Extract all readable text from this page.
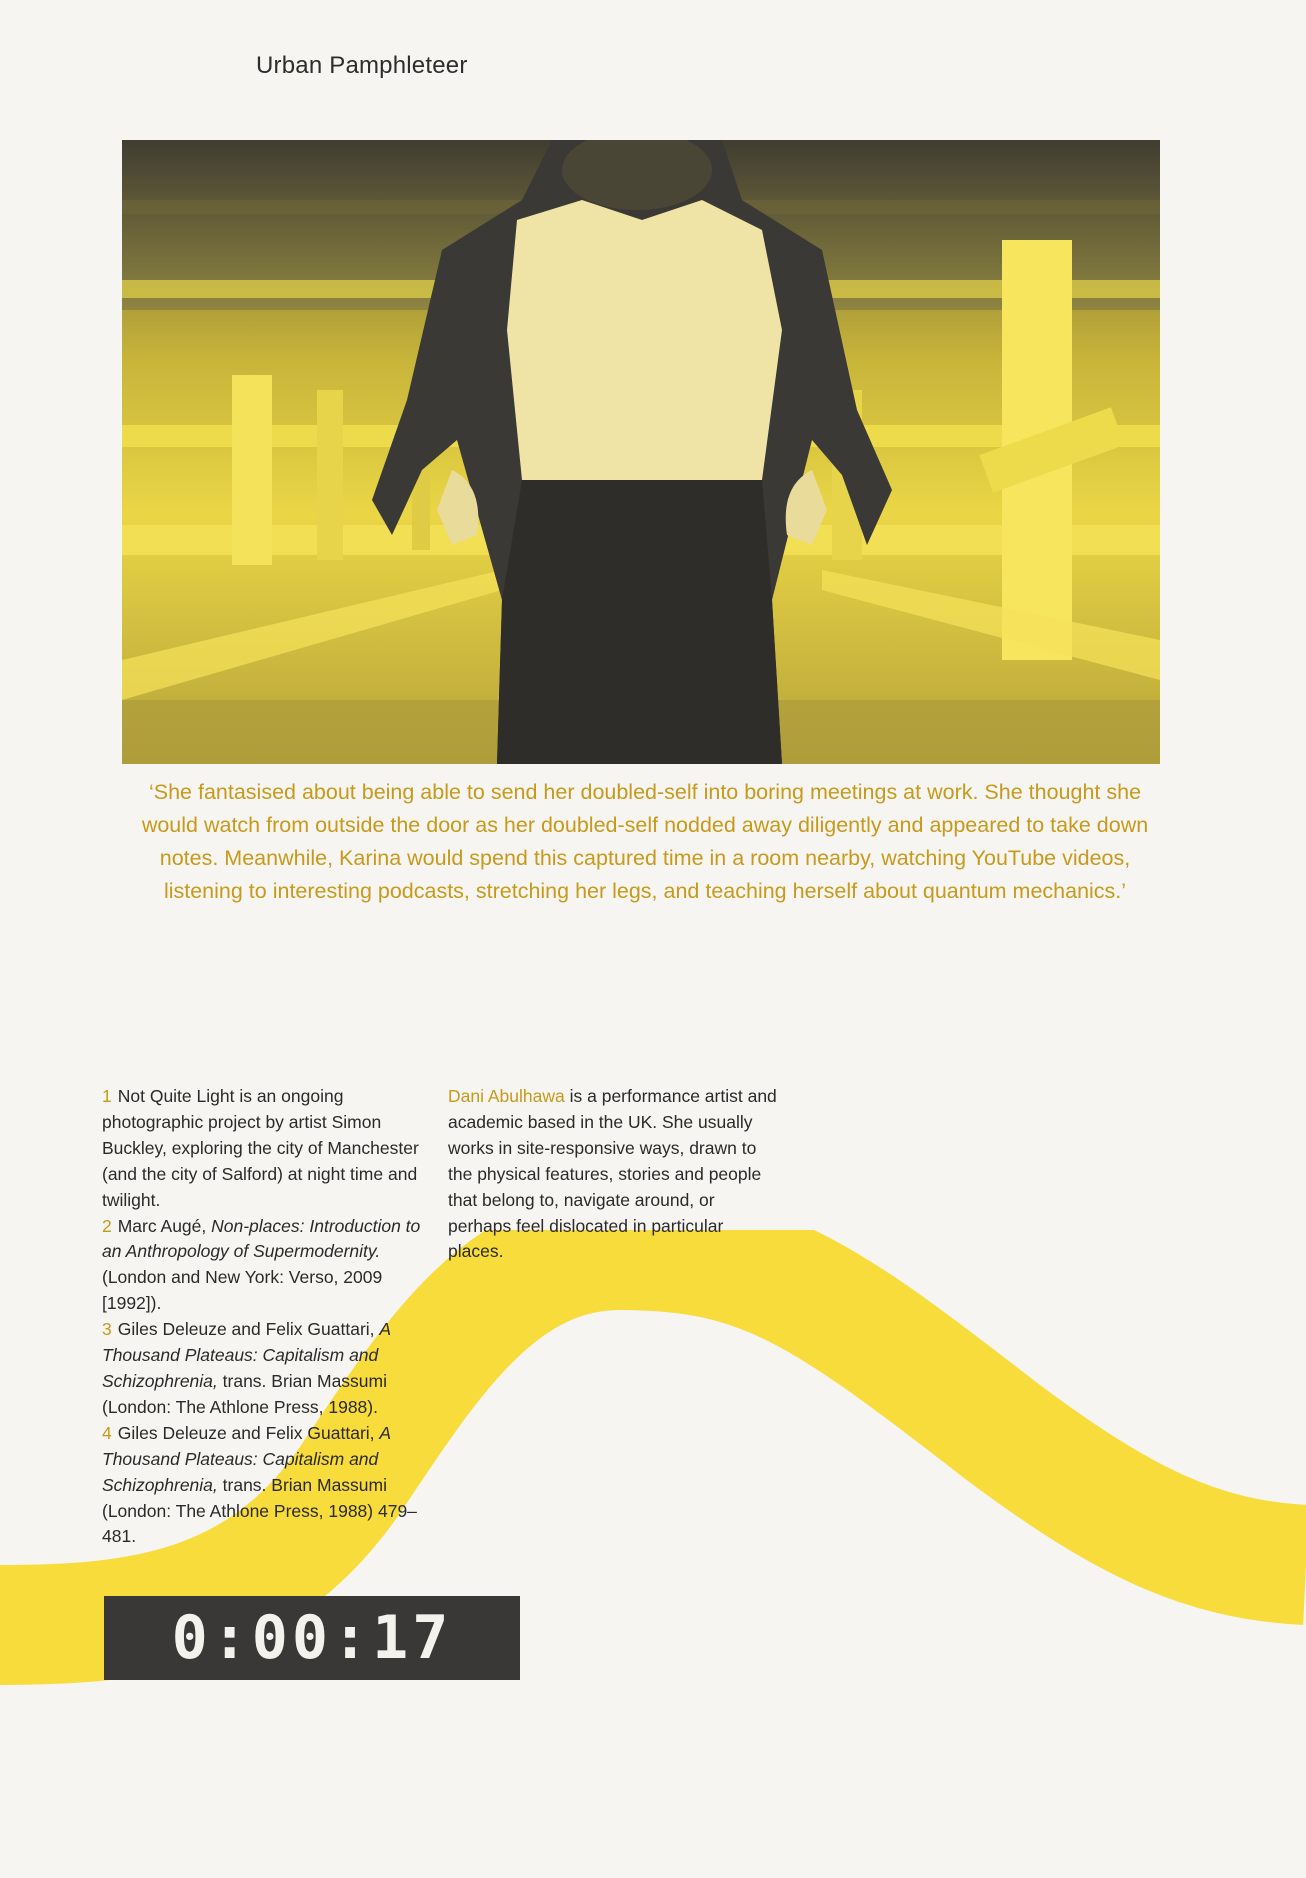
Urban Pamphleteer
‘She fantasised about being able to send her doubled-self into boring meetings at work. She thought she would watch from outside the door as her doubled-self nodded away diligently and appeared to take down notes. Meanwhile, Karina would spend this captured time in a room nearby, watching YouTube videos, listening to interesting podcasts, stretching her legs, and teaching herself about quantum mechanics.’

1 Not Quite Light is an ongoing photographic project by artist Simon Buckley, exploring the city of Manchester (and the city of Salford) at night time and twilight.

2 Marc Augé, Non-places: Introduction to an Anthropology of Supermodernity. (London and New York: Verso, 2009 [1992]).

3 Giles Deleuze and Felix Guattari, A Thousand Plateaus: Capitalism and Schizophrenia, trans. Brian Massumi (London: The Athlone Press, 1988).

4 Giles Deleuze and Felix Guattari, A Thousand Plateaus: Capitalism and Schizophrenia, trans. Brian Massumi (London: The Athlone Press, 1988) 479–481.

Dani Abulhawa is a performance artist and academic based in the UK. She usually works in site-responsive ways, drawn to the physical features, stories and people that belong to, navigate around, or perhaps feel dislocated in particular places.
0:00:17
